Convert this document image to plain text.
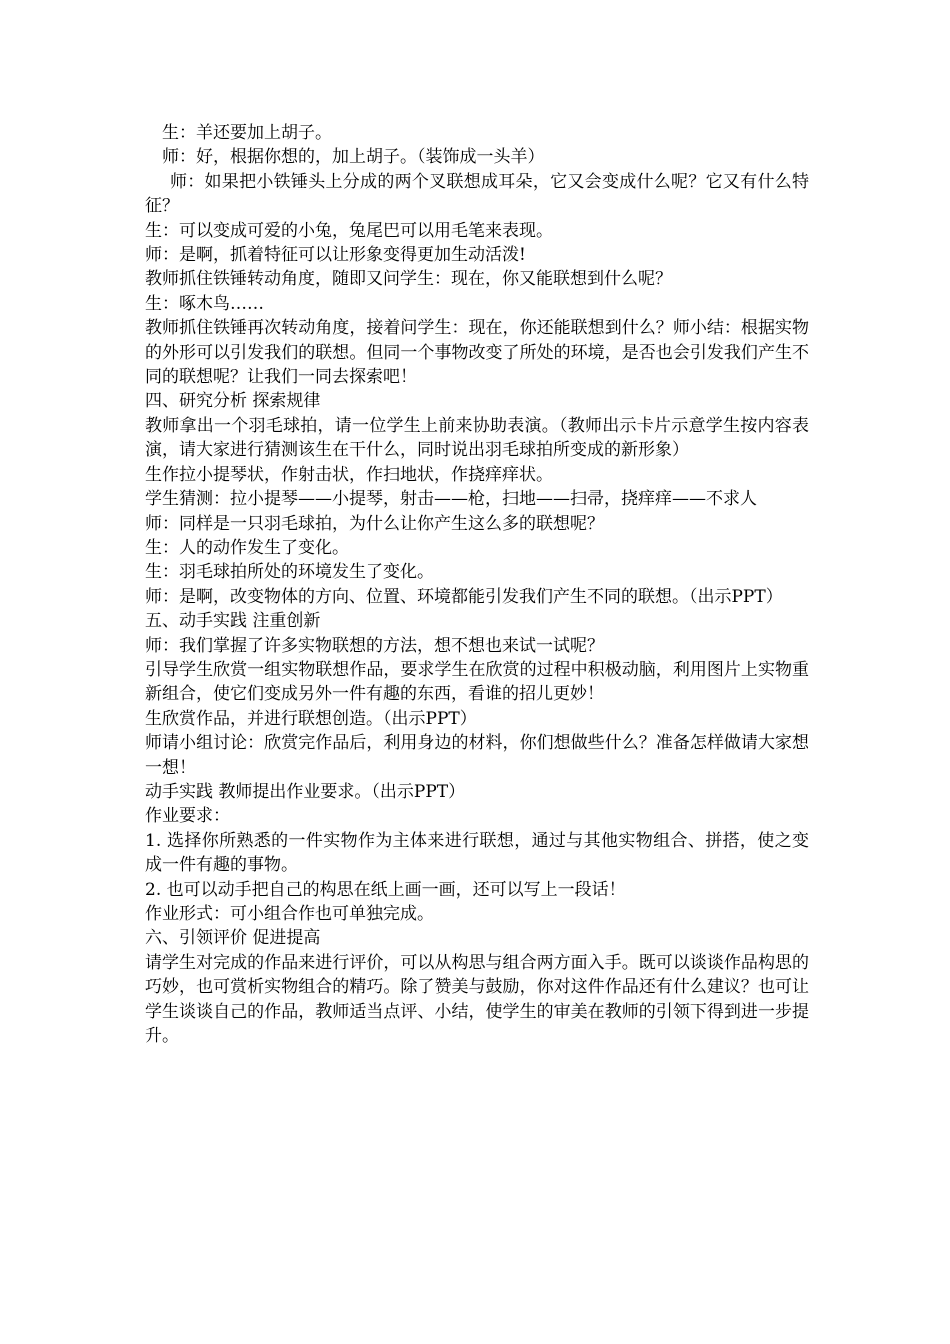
生：羊还要加上胡子。

师：好，根据你想的，加上胡子。（装饰成一头羊）

师：如果把小铁锤头上分成的两个叉联想成耳朵，它又会变成什么呢？它又有什么特征？

生：可以变成可爱的小兔，兔尾巴可以用毛笔来表现。

师：是啊，抓着特征可以让形象变得更加生动活泼!

教师抓住铁锤转动角度，随即又问学生：现在，你又能联想到什么呢？

生：啄木鸟……

教师抓住铁锤再次转动角度，接着问学生：现在，你还能联想到什么？师小结：根据实物的外形可以引发我们的联想。但同一个事物改变了所处的环境，是否也会引发我们产生不同的联想呢？让我们一同去探索吧！

四、研究分析 探索规律

教师拿出一个羽毛球拍，请一位学生上前来协助表演。（教师出示卡片示意学生按内容表演，请大家进行猜测该生在干什么，同时说出羽毛球拍所变成的新形象）

生作拉小提琴状，作射击状，作扫地状，作挠痒痒状。

学生猜测：拉小提琴——小提琴，射击——枪，扫地——扫帚，挠痒痒——不求人

师：同样是一只羽毛球拍，为什么让你产生这么多的联想呢？

生：人的动作发生了变化。

生：羽毛球拍所处的环境发生了变化。

师：是啊，改变物体的方向、位置、环境都能引发我们产生不同的联想。（出示PPT）

五、动手实践 注重创新

师：我们掌握了许多实物联想的方法，想不想也来试一试呢？

引导学生欣赏一组实物联想作品，要求学生在欣赏的过程中积极动脑，利用图片上实物重新组合，使它们变成另外一件有趣的东西，看谁的招儿更妙！

生欣赏作品，并进行联想创造。（出示PPT）

师请小组讨论：欣赏完作品后，利用身边的材料，你们想做些什么？准备怎样做请大家想一想！

动手实践 教师提出作业要求。（出示PPT）

作业要求：

1. 选择你所熟悉的一件实物作为主体来进行联想，通过与其他实物组合、拼搭，使之变成一件有趣的事物。

2. 也可以动手把自己的构思在纸上画一画，还可以写上一段话！

作业形式：可小组合作也可单独完成。

六、引领评价 促进提高

请学生对完成的作品来进行评价，可以从构思与组合两方面入手。既可以谈谈作品构思的巧妙，也可赏析实物组合的精巧。除了赞美与鼓励，你对这件作品还有什么建议？也可让学生谈谈自己的作品，教师适当点评、小结，使学生的审美在教师的引领下得到进一步提升。
